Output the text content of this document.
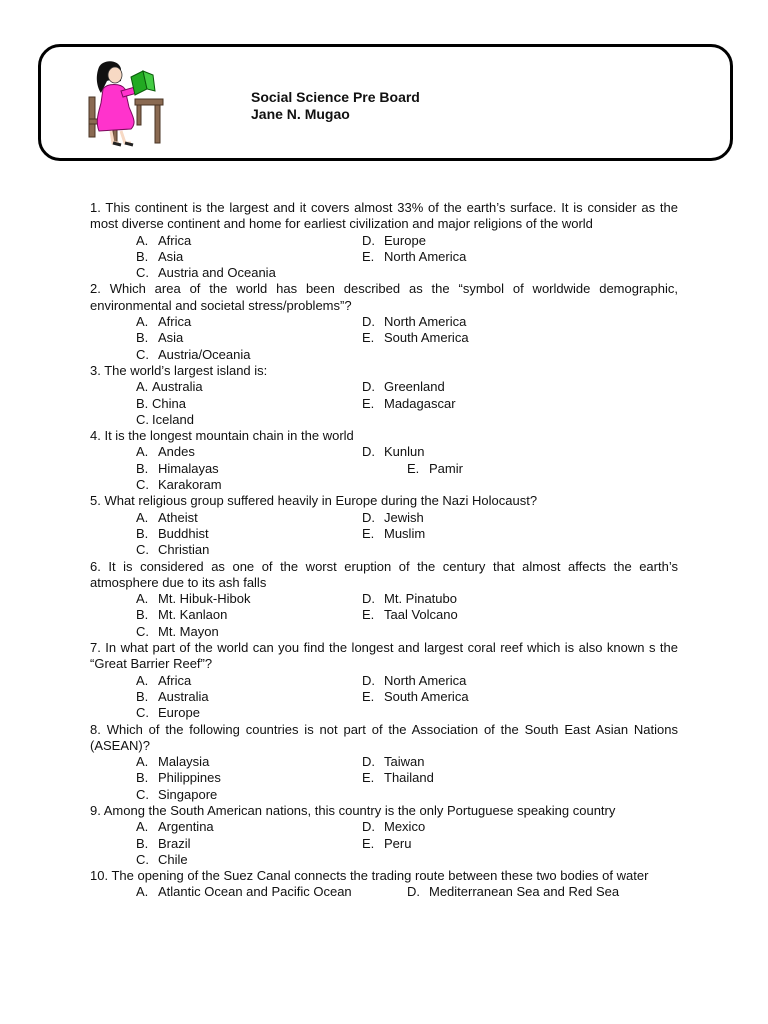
Social Science Pre Board
Jane N. Mugao
1. This continent is the largest and it covers almost 33% of the earth’s surface. It is consider as the most diverse continent and home for earliest civilization and major religions of the world
A. Africa	D. Europe
B. Asia	E. North America
C. Austria and Oceania
2. Which area of the world has been described as the “symbol of worldwide demographic, environmental and societal stress/problems”?
A. Africa	D. North America
B. Asia	E. South America
C. Austria/Oceania
3. The world’s largest island is:
A. Australia	D. Greenland
B. China	E. Madagascar
C. Iceland
4. It is the longest mountain chain in the world
A. Andes	D. Kunlun
B. Himalayas	E. Pamir
C. Karakoram
5. What religious group suffered heavily in Europe during the Nazi Holocaust?
A. Atheist	D. Jewish
B. Buddhist	E. Muslim
C. Christian
6. It is considered as one of the worst eruption of the century that almost affects the earth’s atmosphere due to its ash falls
A. Mt. Hibuk-Hibok	D. Mt. Pinatubo
B. Mt. Kanlaon	E. Taal Volcano
C. Mt. Mayon
7. In what part of the world can you find the longest and largest coral reef which is also known s the “Great Barrier Reef”?
A. Africa	D. North America
B. Australia	E. South America
C. Europe
8. Which of the following countries is not part of the Association of the South East Asian Nations (ASEAN)?
A. Malaysia	D. Taiwan
B. Philippines	E. Thailand
C. Singapore
9. Among the South American nations, this country is the only Portuguese speaking country
A. Argentina	D. Mexico
B. Brazil	E. Peru
C. Chile
10. The opening of the Suez Canal connects the trading route between these two bodies of water
A. Atlantic Ocean and Pacific Ocean	D. Mediterranean Sea and Red Sea
